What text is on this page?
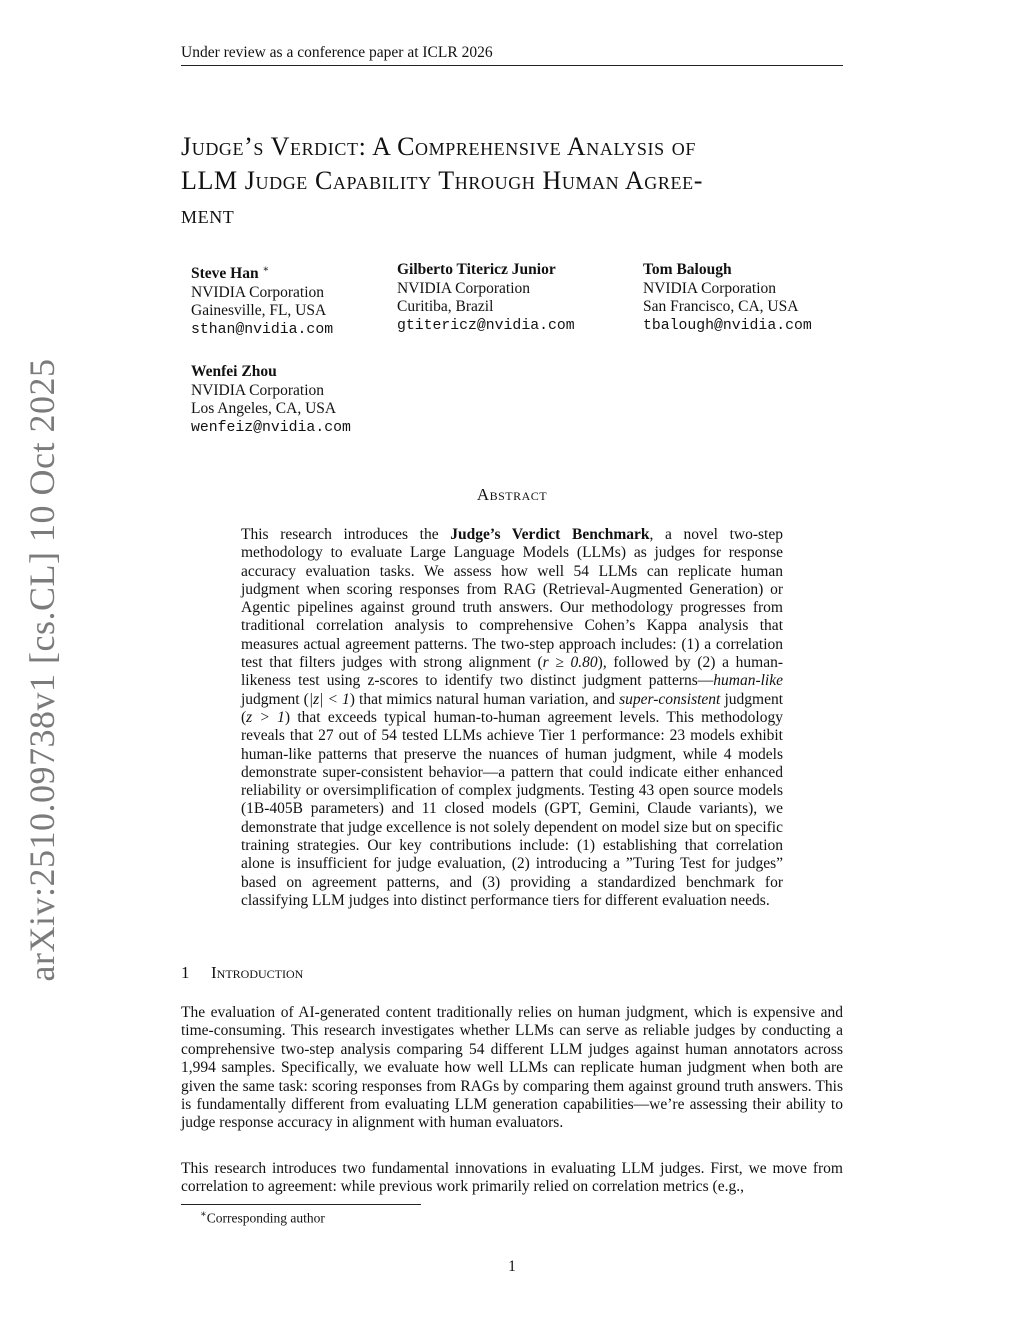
Under review as a conference paper at ICLR 2026
arXiv:2510.09738v1 [cs.CL] 10 Oct 2025
Judge’s Verdict: A Comprehensive Analysis of
LLM Judge Capability Through Human Agree-
ment
Steve Han ∗
NVIDIA Corporation
Gainesville, FL, USA
sthan@nvidia.com
Gilberto Titericz Junior
NVIDIA Corporation
Curitiba, Brazil
gtitericz@nvidia.com
Tom Balough
NVIDIA Corporation
San Francisco, CA, USA
tbalough@nvidia.com
Wenfei Zhou
NVIDIA Corporation
Los Angeles, CA, USA
wenfeiz@nvidia.com
Abstract
This research introduces the Judge’s Verdict Benchmark, a novel two-step methodology to evaluate Large Language Models (LLMs) as judges for response accuracy evaluation tasks. We assess how well 54 LLMs can replicate human judgment when scoring responses from RAG (Retrieval-Augmented Generation) or Agentic pipelines against ground truth answers. Our methodology progresses from traditional correlation analysis to comprehensive Cohen’s Kappa analysis that measures actual agreement patterns. The two-step approach includes: (1) a correlation test that filters judges with strong alignment (r ≥ 0.80), followed by (2) a human-likeness test using z-scores to identify two distinct judgment patterns—human-like judgment (|z| < 1) that mimics natural human variation, and super-consistent judgment (z > 1) that exceeds typical human-to-human agreement levels. This methodology reveals that 27 out of 54 tested LLMs achieve Tier 1 performance: 23 models exhibit human-like patterns that preserve the nuances of human judgment, while 4 models demonstrate super-consistent behavior—a pattern that could indicate either enhanced reliability or oversimplification of complex judgments. Testing 43 open source models (1B-405B parameters) and 11 closed models (GPT, Gemini, Claude variants), we demonstrate that judge excellence is not solely dependent on model size but on specific training strategies. Our key contributions include: (1) establishing that correlation alone is insufficient for judge evaluation, (2) introducing a ”Turing Test for judges” based on agreement patterns, and (3) providing a standardized benchmark for classifying LLM judges into distinct performance tiers for different evaluation needs.
1 Introduction
The evaluation of AI-generated content traditionally relies on human judgment, which is expensive and time-consuming. This research investigates whether LLMs can serve as reliable judges by conducting a comprehensive two-step analysis comparing 54 different LLM judges against human annotators across 1,994 samples. Specifically, we evaluate how well LLMs can replicate human judgment when both are given the same task: scoring responses from RAGs by comparing them against ground truth answers. This is fundamentally different from evaluating LLM generation capabilities—we’re assessing their ability to judge response accuracy in alignment with human evaluators.
This research introduces two fundamental innovations in evaluating LLM judges. First, we move from correlation to agreement: while previous work primarily relied on correlation metrics (e.g.,
∗Corresponding author
1
